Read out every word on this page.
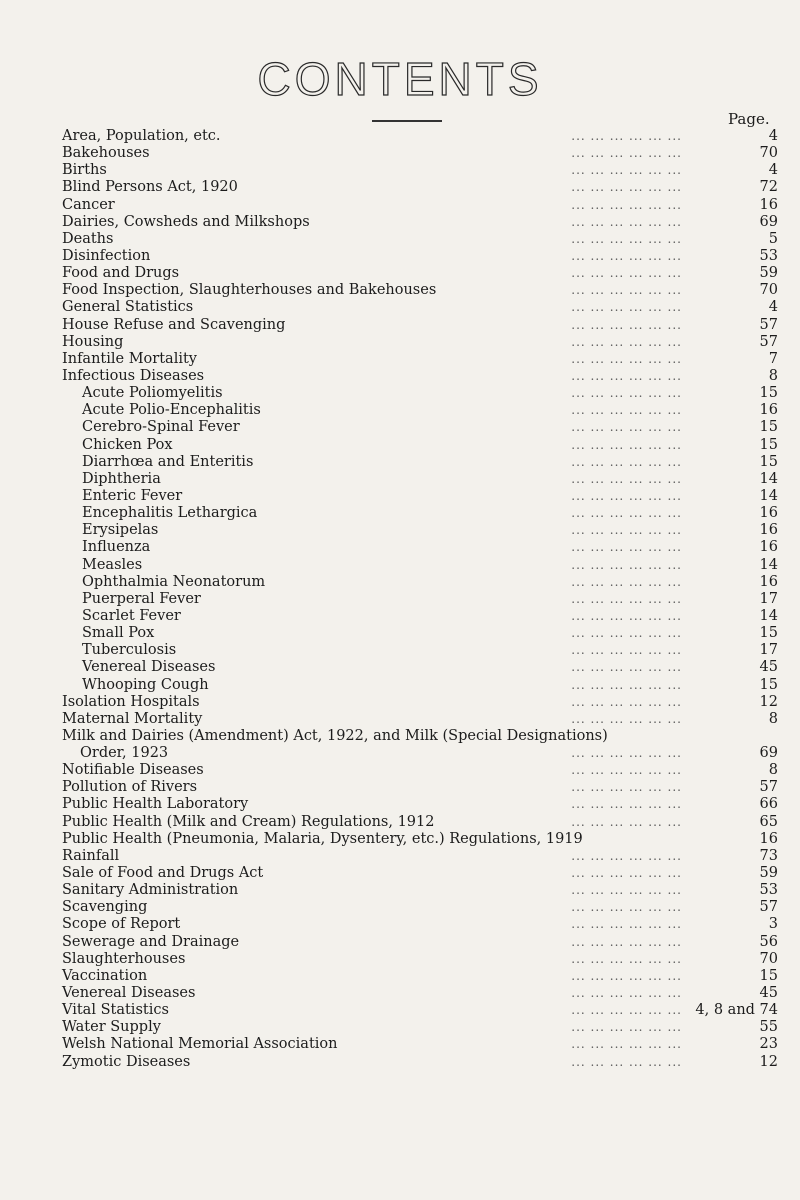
CONTENTS
Page.
... ... ... ... ... ...
Area, Population, etc.	4
... ... ... ... ... ...
Bakehouses	70
... ... ... ... ... ...
Births	4
... ... ... ... ... ...
Blind Persons Act, 1920	72
... ... ... ... ... ...
Cancer	16
... ... ... ... ... ...
Dairies, Cowsheds and Milkshops	69
... ... ... ... ... ...
Deaths	5
... ... ... ... ... ...
Disinfection	53
... ... ... ... ... ...
Food and Drugs	59
... ... ... ... ... ...
Food Inspection, Slaughterhouses and Bakehouses	70
... ... ... ... ... ...
General Statistics	4
... ... ... ... ... ...
House Refuse and Scavenging	57
... ... ... ... ... ...
Housing	57
... ... ... ... ... ...
Infantile Mortality	7
... ... ... ... ... ...
Infectious Diseases	8
... ... ... ... ... ...
Acute Poliomyelitis	15
... ... ... ... ... ...
Acute Polio-Encephalitis	16
... ... ... ... ... ...
Cerebro-Spinal Fever	15
... ... ... ... ... ...
Chicken Pox	15
... ... ... ... ... ...
Diarrhœa and Enteritis	15
... ... ... ... ... ...
Diphtheria	14
... ... ... ... ... ...
Enteric Fever	14
... ... ... ... ... ...
Encephalitis Lethargica	16
... ... ... ... ... ...
Erysipelas	16
... ... ... ... ... ...
Influenza	16
... ... ... ... ... ...
Measles	14
... ... ... ... ... ...
Ophthalmia Neonatorum	16
... ... ... ... ... ...
Puerperal Fever	17
... ... ... ... ... ...
Scarlet Fever	14
... ... ... ... ... ...
Small Pox	15
... ... ... ... ... ...
Tuberculosis	17
... ... ... ... ... ...
Venereal Diseases	45
... ... ... ... ... ...
Whooping Cough	15
... ... ... ... ... ...
Isolation Hospitals	12
... ... ... ... ... ...
Maternal Mortality	8
Milk and Dairies (Amendment) Act, 1922, and Milk (Special Designations)
... ... ... ... ... ...
Order, 1923	69
... ... ... ... ... ...
Notifiable Diseases	8
... ... ... ... ... ...
Pollution of Rivers	57
... ... ... ... ... ...
Public Health Laboratory	66
... ... ... ... ... ...
Public Health (Milk and Cream) Regulations, 1912	65
Public Health (Pneumonia, Malaria, Dysentery, etc.) Regulations, 1919	16
... ... ... ... ... ...
Rainfall	73
... ... ... ... ... ...
Sale of Food and Drugs Act	59
... ... ... ... ... ...
Sanitary Administration	53
... ... ... ... ... ...
Scavenging	57
... ... ... ... ... ...
Scope of Report	3
... ... ... ... ... ...
Sewerage and Drainage	56
... ... ... ... ... ...
Slaughterhouses	70
... ... ... ... ... ...
Vaccination	15
... ... ... ... ... ...
Venereal Diseases	45
... ... ... ... ... ...
Vital Statistics	4, 8 and 74
... ... ... ... ... ...
Water Supply	55
... ... ... ... ... ...
Welsh National Memorial Association	23
... ... ... ... ... ...
Zymotic Diseases	12
